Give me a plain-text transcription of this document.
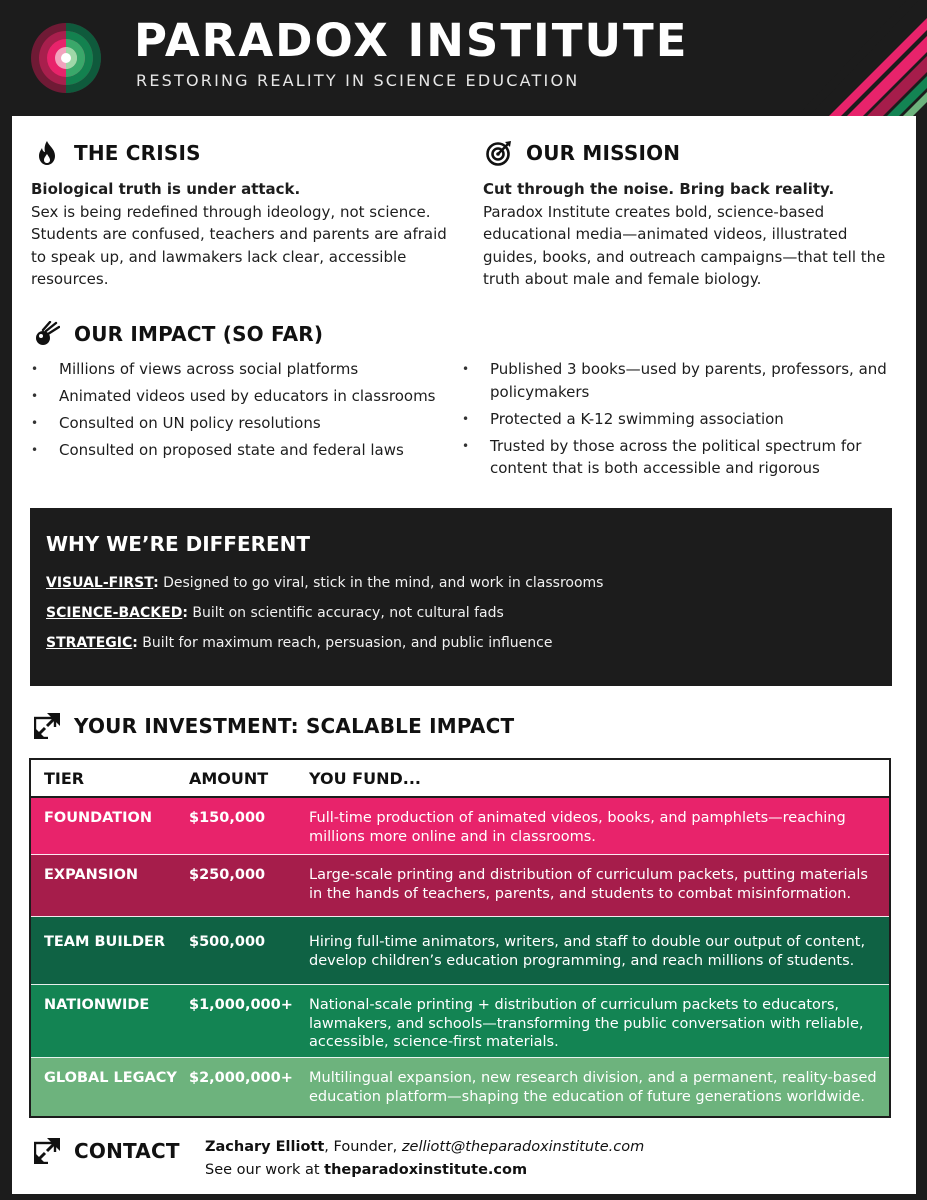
PARADOX INSTITUTE
RESTORING REALITY IN SCIENCE EDUCATION
THE CRISIS
Biological truth is under attack.
Sex is being redefined through ideology, not science. Students are confused, teachers and parents are afraid to speak up, and lawmakers lack clear, accessible resources.
OUR MISSION
Cut through the noise. Bring back reality.
Paradox Institute creates bold, science-based educational media—animated videos, illustrated guides, books, and outreach campaigns—that tell the truth about male and female biology.
OUR IMPACT (SO FAR)
• Millions of views across social platforms
• Animated videos used by educators in classrooms
• Consulted on UN policy resolutions
• Consulted on proposed state and federal laws
• Published 3 books—used by parents, professors, and policymakers
• Protected a K-12 swimming association
• Trusted by those across the political spectrum for content that is both accessible and rigorous
WHY WE’RE DIFFERENT
VISUAL-FIRST: Designed to go viral, stick in the mind, and work in classrooms
SCIENCE-BACKED: Built on scientific accuracy, not cultural fads
STRATEGIC: Built for maximum reach, persuasion, and public influence
YOUR INVESTMENT: SCALABLE IMPACT
TIER	AMOUNT	YOU FUND...
FOUNDATION	$150,000	Full-time production of animated videos, books, and pamphlets—reaching millions more online and in classrooms.
EXPANSION	$250,000	Large-scale printing and distribution of curriculum packets, putting materials in the hands of teachers, parents, and students to combat misinformation.
TEAM BUILDER	$500,000	Hiring full-time animators, writers, and staff to double our output of content, develop children’s education programming, and reach millions of students.
NATIONWIDE	$1,000,000+	National-scale printing + distribution of curriculum packets to educators, lawmakers, and schools—transforming the public conversation with reliable, accessible, science-first materials.
GLOBAL LEGACY $2,000,000+	Multilingual expansion, new research division, and a permanent, reality-based education platform—shaping the education of future generations worldwide.
CONTACT Zachary Elliott, Founder, zelliott@theparadoxinstitute.com
See our work at theparadoxinstitute.com
